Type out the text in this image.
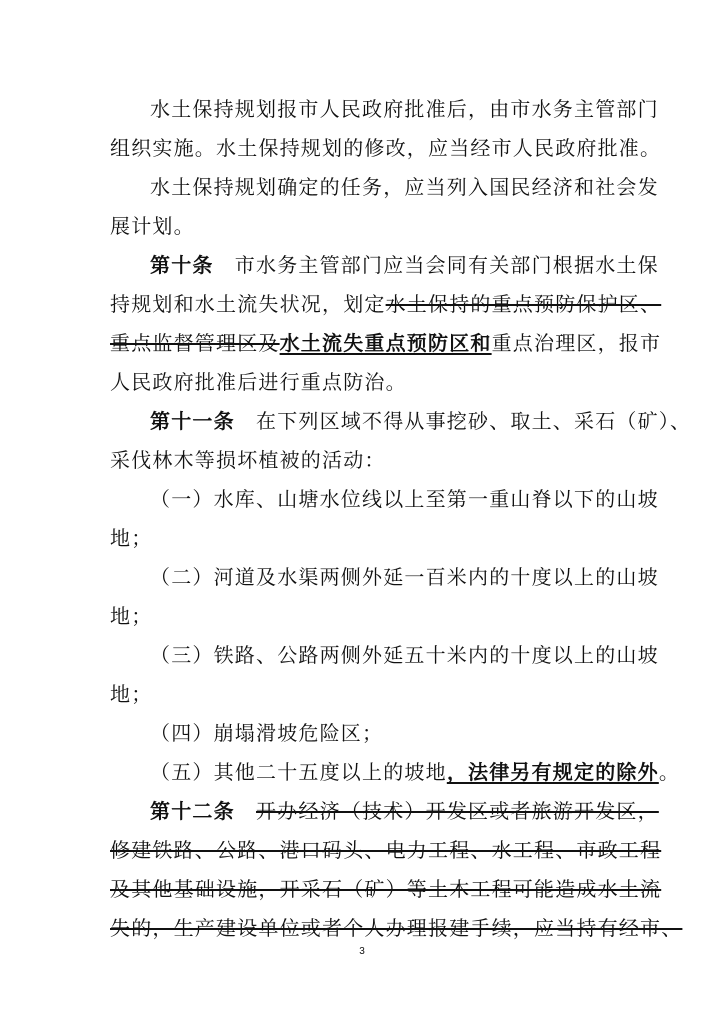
水土保持规划报市人民政府批准后，由市水务主管部门
组织实施。水土保持规划的修改，应当经市人民政府批准。
水土保持规划确定的任务，应当列入国民经济和社会发
展计划。
第十条　市水务主管部门应当会同有关部门根据水土保
持规划和水土流失状况，划定水土保持的重点预防保护区、
重点监督管理区及水土流失重点预防区和重点治理区，报市
人民政府批准后进行重点防治。
第十一条　在下列区域不得从事挖砂、取土、采石（矿）、
采伐林木等损坏植被的活动：
（一）水库、山塘水位线以上至第一重山脊以下的山坡
地；
（二）河道及水渠两侧外延一百米内的十度以上的山坡
地；
（三）铁路、公路两侧外延五十米内的十度以上的山坡
地；
（四）崩塌滑坡危险区；
（五）其他二十五度以上的坡地，法律另有规定的除外。
第十二条　 开办经济（技术）开发区或者旅游开发区，
修建铁路、公路、港口码头、电力工程、水工程、市政工程
及其他基础设施，开采石（矿）等土木工程可能造成水土流
失的，生产建设单位或者个人办理报建手续，应当持有经市、
3
